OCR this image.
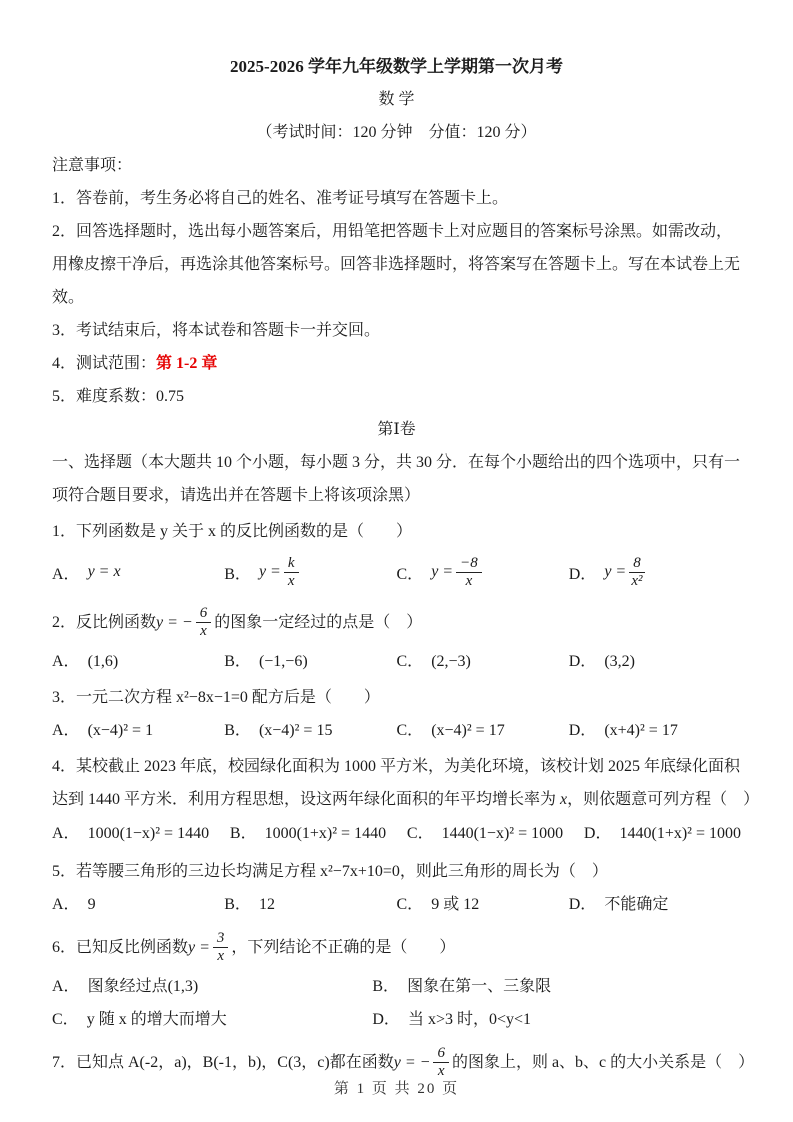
2025-2026 学年九年级数学上学期第一次月考

数 学

（考试时间：120 分钟　分值：120 分）

注意事项：

1．答卷前，考生务必将自己的姓名、准考证号填写在答题卡上。

2．回答选择题时，选出每小题答案后，用铅笔把答题卡上对应题目的答案标号涂黑。如需改动，

用橡皮擦干净后，再选涂其他答案标号。回答非选择题时，将答案写在答题卡上。写在本试卷上无

效。

3．考试结束后，将本试卷和答题卡一并交回。

4．测试范围：第 1-2 章

5．难度系数：0.75

第Ⅰ卷

一、选择题（本大题共 10 个小题，每小题 3 分，共 30 分．在每个小题给出的四个选项中，只有一

项符合题目要求，请选出并在答题卡上将该项涂黑）

1．下列函数是 y 关于 x 的反比例函数的是（　　）

A． y = x	B． $y = \frac{k}{x}$	C． $y = \frac{-8}{x}$	D． $y = \frac{8}{\text{x²}}$

2．反比例函数 y = − $\frac{6}{x}$ 的图象一定经过的点是（　）

A． (1,6)	B． (−1,−6)	C． (2,−3)	D． (3,2)

3．一元二次方程 x²−8x−1=0 配方后是（　　）

A． (x−4)² = 1	B． (x−4)² = 15	C． (x−4)² = 17	D． (x+4)² = 17

4．某校截止 2023 年底，校园绿化面积为 1000 平方米，为美化环境，该校计划 2025 年底绿化面积

达到 1440 平方米．利用方程思想，设这两年绿化面积的年平均增长率为 x，则依题意可列方程（　）

A． 1000(1−x)² = 1440 B． 1000(1+x)² = 1440 C． 1440(1−x)² = 1000 D． 1440(1+x)² = 1000

5．若等腰三角形的三边长均满足方程 x²−7x+10=0，则此三角形的周长为（　）

A． 9	B． 12	C． 9 或 12	D． 不能确定

6．已知反比例函数 $y = \frac{3}{x}$ ，下列结论不正确的是（　　）

A． 图象经过点(1,3)	B． 图象在第一、三象限
C． y 随 x 的增大而增大	D． 当 x>3 时，0<y<1

7．已知点 A(-2，a)，B(-1，b)，C(3，c)都在函数 y = − $\frac{6}{x}$ 的图象上，则 a、b、c 的大小关系是（　）

第 1 页 共 20 页
